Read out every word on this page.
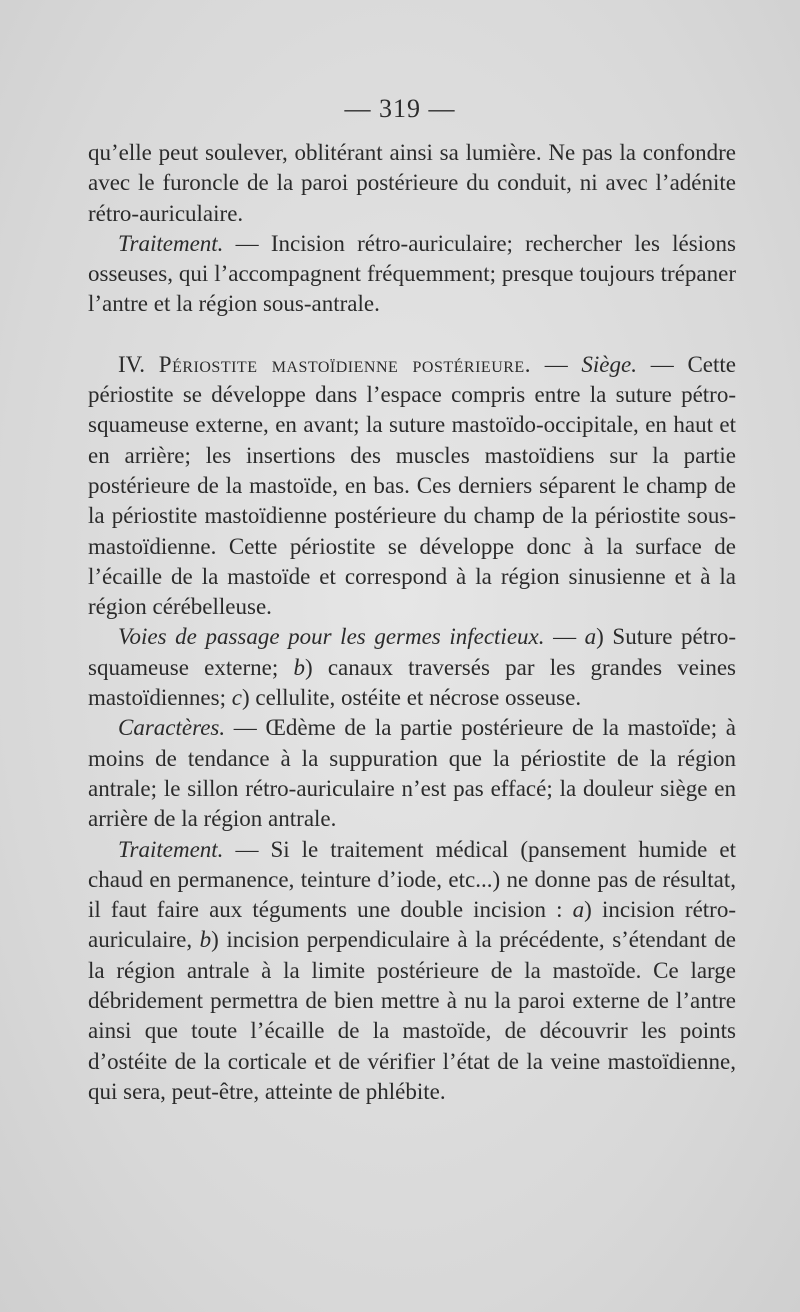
— 319 —

qu’elle peut soulever, oblitérant ainsi sa lumière. Ne pas la confondre avec le furoncle de la paroi postérieure du conduit, ni avec l’adénite rétro-auriculaire.

Traitement. — Incision rétro-auriculaire; rechercher les lésions osseuses, qui l’accompagnent fréquemment; presque toujours trépaner l’antre et la région sous-antrale.

IV. Périostite mastoïdienne postérieure. — Siège. — Cette périostite se développe dans l’espace compris entre la suture pétro-squameuse externe, en avant; la suture mastoïdo-occipitale, en haut et en arrière; les insertions des muscles mastoïdiens sur la partie postérieure de la mastoïde, en bas. Ces derniers séparent le champ de la périostite mastoïdienne postérieure du champ de la périostite sous-mastoïdienne. Cette périostite se développe donc à la surface de l’écaille de la mastoïde et correspond à la région sinusienne et à la région cérébelleuse.

Voies de passage pour les germes infectieux. — a) Suture pétro-squameuse externe; b) canaux traversés par les grandes veines mastoïdiennes; c) cellulite, ostéite et nécrose osseuse.

Caractères. — Œdème de la partie postérieure de la mastoïde; à moins de tendance à la suppuration que la périostite de la région antrale; le sillon rétro-auriculaire n’est pas effacé; la douleur siège en arrière de la région antrale.

Traitement. — Si le traitement médical (pansement humide et chaud en permanence, teinture d’iode, etc...) ne donne pas de résultat, il faut faire aux téguments une double incision : a) incision rétro-auriculaire, b) incision perpendiculaire à la précédente, s’étendant de la région antrale à la limite postérieure de la mastoïde. Ce large débridement permettra de bien mettre à nu la paroi externe de l’antre ainsi que toute l’écaille de la mastoïde, de découvrir les points d’ostéite de la corticale et de vérifier l’état de la veine mastoïdienne, qui sera, peut-être, atteinte de phlébite.
